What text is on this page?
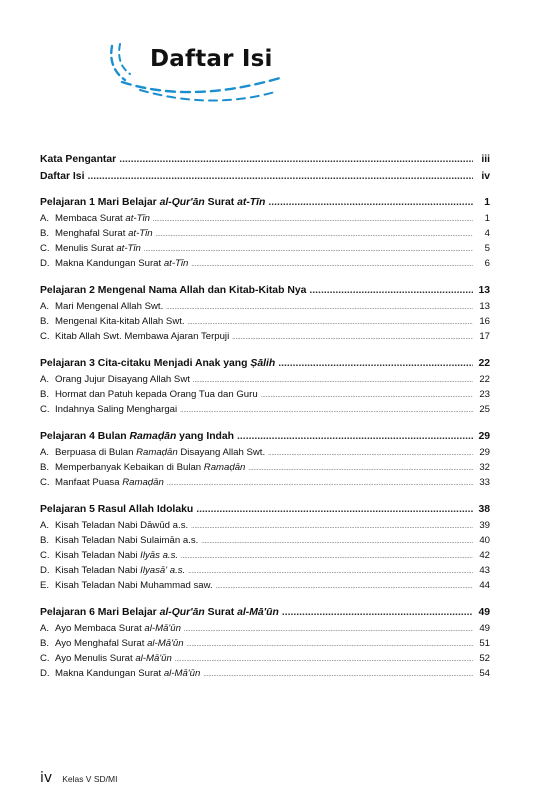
Daftar Isi
Kata Pengantar .....	iii
Daftar Isi .....	iv
Pelajaran 1 Mari Belajar al-Qur'ān Surat at-Tīn .....	1
A. Membaca Surat at-Tīn .....	1
B. Menghafal Surat at-Tīn .....	4
C. Menulis Surat at-Tīn .....	5
D. Makna Kandungan Surat at-Tīn .....	6
Pelajaran 2 Mengenal Nama Allah dan Kitab-Kitab Nya .....	13
A. Mari Mengenal Allah Swt. .....	13
B. Mengenal Kita-kitab Allah Swt. .....	16
C. Kitab Allah Swt. Membawa Ajaran Terpuji .....	17
Pelajaran 3 Cita-citaku Menjadi Anak yang Ṣālih .....	22
A. Orang Jujur Disayang Allah Swt .....	22
B. Hormat dan Patuh kepada Orang Tua dan Guru .....	23
C. Indahnya Saling Menghargai .....	25
Pelajaran 4 Bulan Ramaḍān yang Indah .....	29
A. Berpuasa di Bulan Ramaḍān Disayang Allah Swt. .....	29
B. Memperbanyak Kebaikan di Bulan Ramaḍān .....	32
C. Manfaat Puasa Ramaḍān .....	33
Pelajaran 5 Rasul Allah Idolaku .....	38
A. Kisah Teladan Nabi Dāwūd a.s. .....	39
B. Kisah Teladan Nabi Sulaimān a.s. .....	40
C. Kisah Teladan Nabi Ilyās a.s. .....	42
D. Kisah Teladan Nabi Ilyasā' a.s. .....	43
E. Kisah Teladan Nabi Muhammad saw. .....	44
Pelajaran 6 Mari Belajar al-Qur'ān Surat al-Mā'ūn .....	49
A. Ayo Membaca Surat al-Mā'ūn .....	49
B. Ayo Menghafal Surat al-Mā'ūn .....	51
C. Ayo Menulis Surat al-Mā'ūn .....	52
D. Makna Kandungan Surat al-Mā'ūn .....	54
iv Kelas V SD/MI
